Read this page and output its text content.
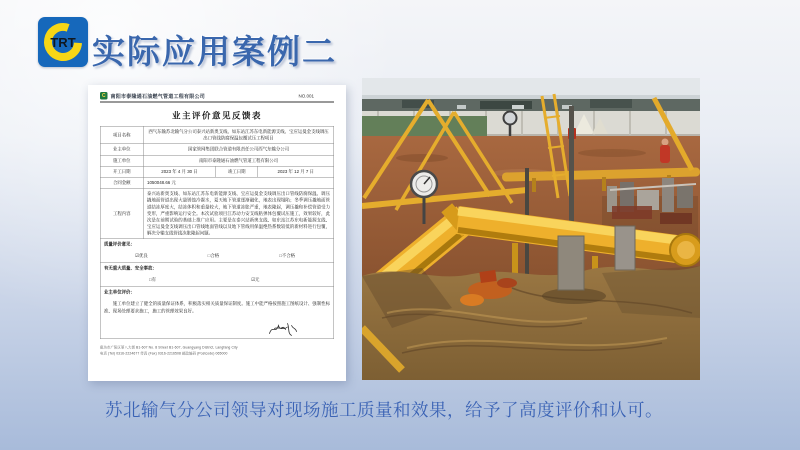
TRT 实际应用案例二
C 南阳市泰隆通石油燃气管道工程有限公司	NO.001
业主评价意见反馈表
项目名称	西气东输苏北输气分公司泰兴站新奥支线、如东站江苏东电新能源支线、宝应运曼金支线调压出口管线防腐保温包覆试压工程项目		
业主单位	国家管网集团联合管道有限责任公司西气东输分公司		
施工单位	南阳市泰隆通石油燃气管道工程有限公司		
开工日期	2023 年 4 月 30 日	竣工日期	2023 年 12 月 7 日
合同金额	1050048.66 元		
工程内容	泰兴站新奥支线、如东站江苏东电新能源支线、宝应运曼金支线调压出口管线防腐保温。调压撬地面管道出现大量锈蚀冷凝水，夏天地下管道逐渐融化，地表出现塌陷；冬季调压撬地面管道结冻厚度大，结冻体积和重量较大，地下管道冻胀严重，地表隆起，调压撬和补偿管道受力变形，严重影响运行安全。本次试验项目江苏动力安支线粘弹体包覆试压施工，效果较好，此次是在前期试验的基础上推广应用。主要是在泰兴站新奥支线、如东站江苏东电新能源支线、宝应运曼金支线调压出口管线地面管线以及地下管线用保温绝热系数较低的新材料进行包覆，解决分输支线管线冻胀隆起问题。		

质量评价意见：
☑优良 □合格 □不合格			

有无重大质量、安全事故：
□有 ☑无			

业主单位评价：
施工单位建立了健全的质量保证体系，积极落实相关质量保证制度。施工中能严格按照施工图纸设计、强制性标准、现场处理要求施工，施工的管理效果良好。			
廊坊市广阳区第八大街 B1-607 No. 8 Street B1-607, Guangyang District, Langfang City
电话 (Tel) 0316-2224677 传真 (Fax) 0316-2216508 邮政编码 (Postcode) 065000
苏北输气分公司领导对现场施工质量和效果，给予了高度评价和认可。
